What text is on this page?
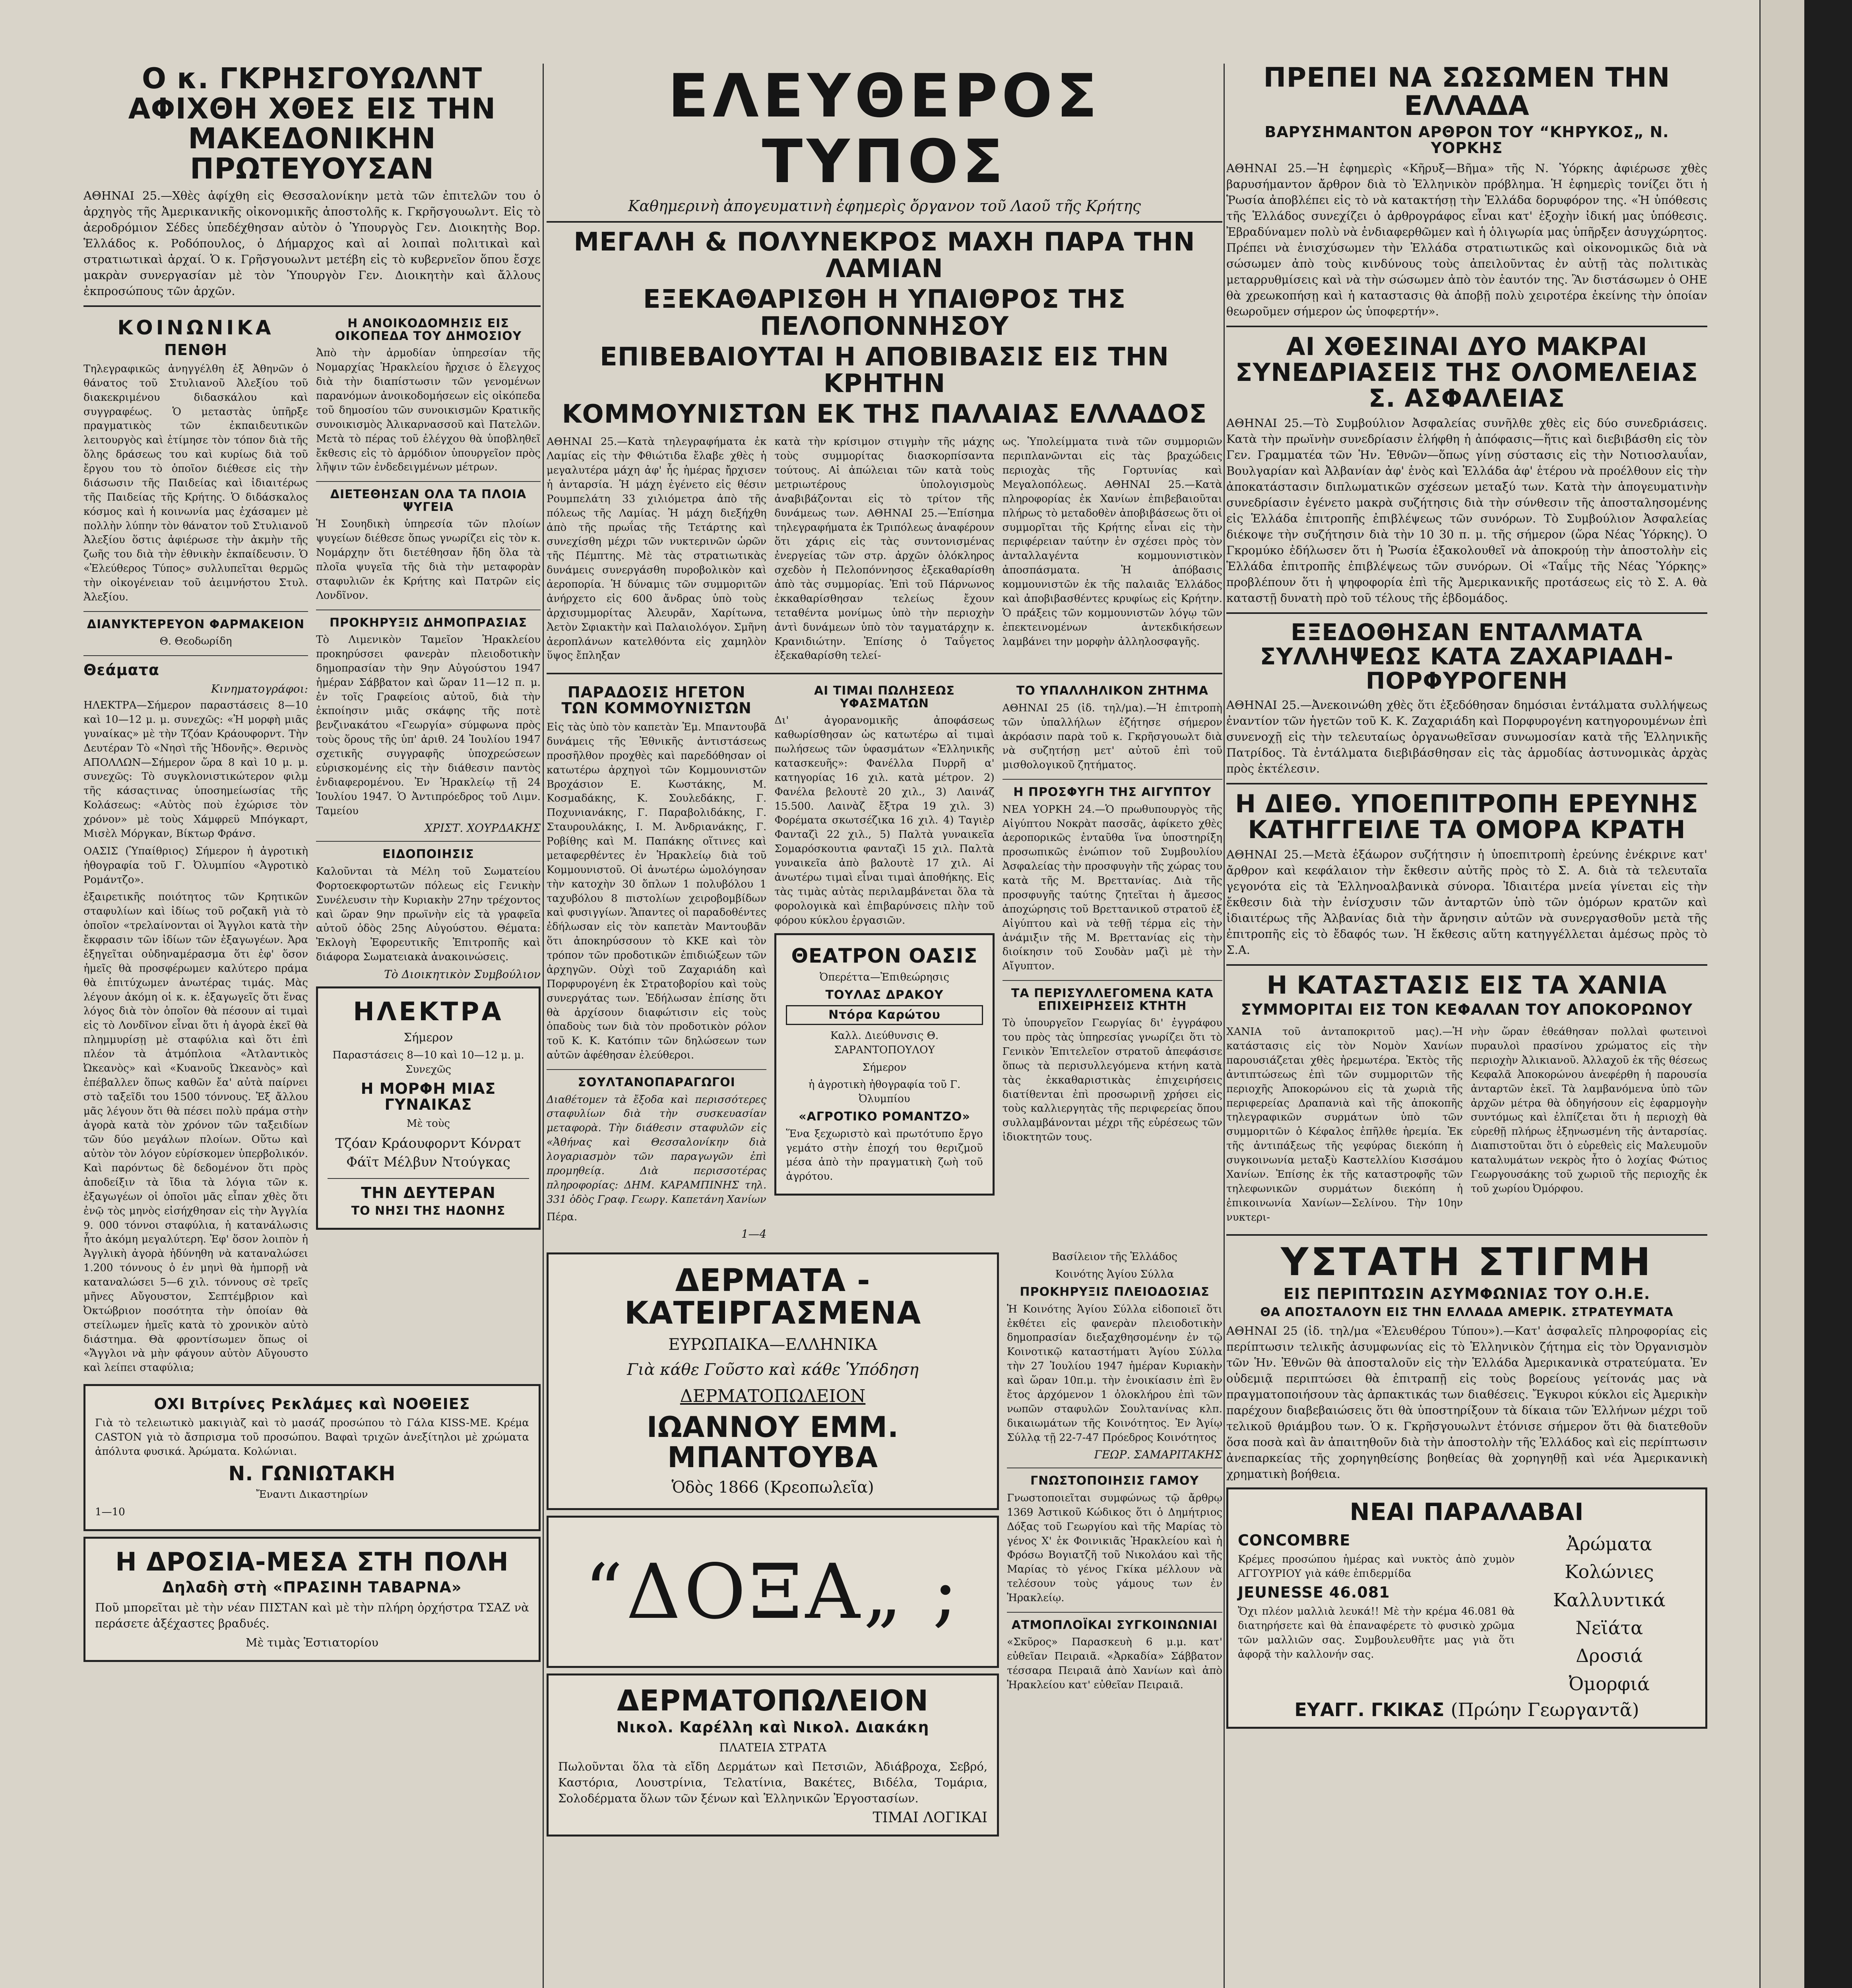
Ο κ. ΓΚΡΗΣΓΟΥΩΛΝΤ ΑΦΙΧΘΗ ΧΘΕΣ ΕΙΣ ΤΗΝ ΜΑΚΕΔΟΝΙΚΗΝ ΠΡΩΤΕΥΟΥΣΑΝ
ΑΘΗΝΑΙ 25.—Χθὲς ἀφίχθη εἰς Θεσσαλονίκην μετὰ τῶν ἐπιτελῶν του ὁ ἀρχηγὸς τῆς Ἀμερικανικῆς οἰκονομικῆς ἀποστολῆς κ. Γκρῆσγουωλντ. Εἰς τὸ ἀεροδρόμιον Σέδες ὑπεδέχθησαν αὐτὸν ὁ Ὑπουργὸς Γεν. Διοικητὴς Βορ. Ἑλλάδος κ. Ροδόπουλος, ὁ Δήμαρχος καὶ αἱ λοιπαὶ πολιτικαὶ καὶ στρατιωτικαὶ ἀρχαί. Ὁ κ. Γρῆσγουωλντ μετέβη εἰς τὸ κυβερνεῖον ὅπου ἔσχε μακρὰν συνεργασίαν μὲ τὸν Ὑπουργὸν Γεν. Διοικητὴν καὶ ἄλλους ἐκπροσώπους τῶν ἀρχῶν.
ΚΟΙΝΩΝΙΚΑ
ΠΕΝΘΗ
Τηλεγραφικῶς ἀνηγγέλθη ἐξ Ἀθηνῶν ὁ θάνατος τοῦ Στυλιανοῦ Ἀλεξίου τοῦ διακεκριμένου διδασκάλου καὶ συγγραφέως. Ὁ μεταστὰς ὑπῆρξε πραγματικὸς τῶν ἐκπαιδευτικῶν λειτουργὸς καὶ ἐτίμησε τὸν τόπον διὰ τῆς ὅλης δράσεως του καὶ κυρίως διὰ τοῦ ἔργου του τὸ ὁποῖον διέθεσε εἰς τὴν διάσωσιν τῆς Παιδείας καὶ ἰδιαιτέρως τῆς Παιδείας τῆς Κρήτης. Ὁ διδάσκαλος κόσμος καὶ ἡ κοινωνία μας ἐχάσαμεν μὲ πολλὴν λύπην τὸν θάνατον τοῦ Στυλιανοῦ Ἀλεξίου ὅστις ἀφιέρωσε τὴν ἀκμὴν τῆς ζωῆς του διὰ τὴν ἐθνικὴν ἐκπαίδευσιν. Ὁ «Ἐλεύθερος Τύπος» συλλυπεῖται θερμῶς τὴν οἰκογένειαν τοῦ ἀειμνήστου Στυλ. Ἀλεξίου.
ΔΙΑΝΥΚΤΕΡΕΥΟΝ ΦΑΡΜΑΚΕΙΟΝ
Θ. Θεοδωρίδη
Θεάματα
Κινηματογράφοι:
ΗΛΕΚΤΡΑ—Σήμερον παραστάσεις 8—10 καὶ 10—12 μ. μ. συνεχῶς: «Ἡ μορφὴ μιᾶς γυναίκας» μὲ τὴν Τζόαν Κράουφορντ. Τὴν Δευτέραν Τὸ «Νησὶ τῆς Ἠδονῆς». Θερινὸς ΑΠΟΛΛΩΝ—Σήμερον ὥρα 8 καὶ 10 μ. μ. συνεχῶς: Τὸ συγκλονιστικώτερον φιλμ τῆς κάσαςτινας ὑποσημείωσίας τῆς Κολάσεως: «Αὐτὸς ποὺ ἐχώρισε τὸν χρόνον» μὲ τοὺς Χάμφρεϋ Μπόγκαρτ, Μισὲλ Μόργκαν, Βίκτωρ Φράνσ.
ΟΑΣΙΣ (Ὑπαίθριος) Σήμερον ἡ ἀγροτικὴ ἠθογραφία τοῦ Γ. Ὀλυμπίου «Ἀγροτικὸ Ρομάντζο».
ἐξαιρετικῆς ποιότητος τῶν Κρητικῶν σταφυλίων καὶ ἰδίως τοῦ ρoζακῆ γιὰ τὸ ὁποῖον «τρελαίνονται οἱ Ἄγγλοι κατὰ τὴν ἔκφρασιν τῶν ἰδίων τῶν ἐξαγωγέων. Ἀρα ἐξηγεῖται οὐδηναμέρασμα ὅτι ἐφ' ὅσον ἠμεῖς θὰ προσφέρωμεν καλύτερο πράμα θὰ ἐπιτύχωμεν ἀνωτέρας τιμάς. Μὰς λέγουν ἀκόμη οἱ κ. κ. ἐξαγωγεῖς ὅτι ἕνας λόγος διὰ τὸν ὁποῖον θὰ πέσουν αἱ τιμαὶ εἰς τὸ Λονδῖνον εἶναι ὅτι ἡ ἀγορὰ ἐκεῖ θὰ πλημμυρίσῃ μὲ σταφύλια καὶ ὅτι ἐπὶ πλέον τὰ ἀτμόπλοια «Ἀτλαντικὸς Ὠκεανὸς» καὶ «Κυανοῦς Ὠκεανὸς» καὶ ἐπέβαλλεν ὅπως καθῶν ἔα' αὐτὰ παίρνει στὸ ταξεῖδι του 1500 τόννους. Ἐξ ἄλλου μᾶς λέγουν ὅτι θὰ πέσει πολὺ πράμα στὴν ἀγορὰ κατὰ τὸν χρόνον τῶν ταξειδίων τῶν δύο μεγάλων πλοίων. Οὕτω καὶ αὐτὸν τὸν λόγον εὑρίσκομεν ὑπερβολικόν. Καὶ παρόντως δὲ δεδομένον ὅτι πρὸς ἀποδείξιν τὰ ἴδια τὰ λόγια τῶν κ. ἐξαγωγέων οἱ ὁποῖοι μᾶς εἶπαν χθὲς ὅτι ἐνῷ τὸς μηνὸς εἰσήχθησαν εἰς τὴν Ἀγγλία 9. 000 τόννοι σταφύλια, ἡ κατανάλωσις ἦτο ἀκόμη μεγαλύτερη. Ἐφ' ὅσον λοιπὸν ἡ Ἀγγλικὴ ἀγορὰ ἠδύνηθη νὰ καταναλώσει 1.200 τόννους ὁ ἐν μηνὶ θὰ ἠμπορῇ νὰ καταναλώσει 5—6 χιλ. τόννους σὲ τρεῖς μῆνες Αὔγουστον, Σεπτέμβριον καὶ Ὀκτώβριον ποσότητα τὴν ὁποίαν θὰ στείλωμεν ἡμεῖς κατὰ τὸ χρονικὸν αὐτὸ διάστημα. Θὰ φροντίσωμεν ὅπως οἱ «Ἄγγλοι νὰ μὴν φάγουν αὐτὸν Αὔγουστο καὶ λείπει σταφύλια;
Η ΑΝΟΙΚΟΔΟΜΗΣΙΣ ΕΙΣ ΟΙΚΟΠΕΔΑ ΤΟΥ ΔΗΜΟΣΙΟΥ
Ἀπὸ τὴν ἁρμοδίαν ὑπηρεσίαν τῆς Νομαρχίας Ἡρακλείου ἤρχισε ὁ ἔλεγχος διὰ τὴν διαπίστωσιν τῶν γενομένων παρανόμων ἀνοικοδομήσεων εἰς οἰκόπεδα τοῦ δημοσίου τῶν συνοικισμῶν Κρατικῆς συνοικισμὸς Ἀλικαρνασσοῦ καὶ Πατελῶν. Μετὰ τὸ πέρας τοῦ ἐλέγχου θὰ ὑποβληθεῖ ἔκθεσις εἰς τὸ ἁρμόδιον ὑπουργεῖον πρὸς λῆψιν τῶν ἐνδεδειγμένων μέτρων.
ΔΙΕΤΕΘΗΣΑΝ ΟΛΑ ΤΑ ΠΛΟΙΑ ΨΥΓΕΙΑ
Ἡ Σουηδικὴ ὑπηρεσία τῶν πλοίων ψυγείων διέθεσε ὅπως γνωρίζει εἰς τὸν κ. Νομάρχην ὅτι διετέθησαν ἤδη ὅλα τὰ πλοῖα ψυγεῖα τῆς διὰ τὴν μεταφορὰν σταφυλιῶν ἐκ Κρήτης καὶ Πατρῶν εἰς Λονδῖνον.
ΠΡΟΚΗΡΥΞΙΣ ΔΗΜΟΠΡΑΣΙΑΣ
Τὸ Λιμενικὸν Ταμεῖον Ἡρακλείου προκηρύσσει φανερὰν πλειοδοτικὴν δημοπρασίαν τὴν 9ην Αὐγούστου 1947 ἡμέραν Σάββατον καὶ ὥραν 11—12 π. μ. ἐν τοῖς Γραφείοις αὐτοῦ, διὰ τὴν ἐκποίησιν μιᾶς σκάφης τῆς ποτὲ βενζινακάτου «Γεωργία» σύμφωνα πρὸς τοὺς ὅρους τῆς ὑπ' ἀριθ. 24 Ἰουλίου 1947 σχετικῆς συγγραφῆς ὑποχρεώσεων εὑρισκομένης εἰς τὴν διάθεσιν παντὸς ἐνδιαφερομένου. Ἐν Ἡρακλείῳ τῇ 24 Ἰουλίου 1947. Ὁ Ἀντιπρόεδρος τοῦ Λιμν. Ταμείου
ΧΡΙΣΤ. ΧΟΥΡΔΑΚΗΣ
ΕΙΔΟΠΟΙΗΣΙΣ
Καλοῦνται τὰ Μέλη τοῦ Σωματείου Φορτοεκφορτωτῶν πόλεως εἰς Γενικὴν Συνέλευσιν τὴν Κυριακὴν 27ην τρέχοντος καὶ ὥραν 9ην πρωϊνὴν εἰς τὰ γραφεῖα αὐτοῦ ὁδὸς 25ης Αὐγούστου. Θέματα: Ἐκλογὴ Ἐφορευτικῆς Ἐπιτροπῆς καὶ διάφορα Σωματειακὰ ἀνακοινώσεις.
Τὸ Διοικητικὸν Συμβούλιον
ΗΛΕΚΤΡΑ
Σήμερον
Παραστάσεις 8—10 καὶ 10—12 μ. μ. Συνεχῶς
Η ΜΟΡΦΗ ΜΙΑΣ ΓΥΝΑΙΚΑΣ
Μὲ τοὺς
Τζόαν Κράουφορντ Κόνρατ Φάϊτ Μέλβυν Ντούγκας
ΤΗΝ ΔΕΥΤΕΡΑΝ
ΤΟ ΝΗΣΙ ΤΗΣ ΗΔΟΝΗΣ
ΟΧΙ Βιτρίνες Ρεκλάμες καὶ ΝΟΘΕΙΕΣ
Γιὰ τὸ τελειωτικὸ μακιγιὰζ καὶ τὸ μασάζ προσώπου τὸ Γάλα KISS-ME. Κρέμα CASTON γιὰ τὸ ἄσπρισμα τοῦ προσώπου. Βαφαὶ τριχῶν ἀνεξίτηλοι μὲ χρώματα ἀπόλυτα φυσικά. Ἀρώματα. Κολώνιαι.
Ν. ΓΩΝΙΩΤΑΚΗ
Ἔναντι Δικαστηρίων
1—10
Η ΔΡΟΣΙΑ-ΜΕΣΑ ΣΤΗ ΠΟΛΗ
Δηλαδὴ στὴ «ΠΡΑΣΙΝΗ ΤΑΒΑΡΝΑ»
Ποῦ μπορεῖται μὲ τὴν νέαν ΠΙΣΤΑΝ καὶ μὲ τὴν πλήρη ὀρχήστρα ΤΣΑΖ νὰ περάσετε ἀξέχαστες βραδυές.
Μὲ τιμὰς Ἑστιατορίου
ΕΛΕΥΘΕΡΟΣ ΤΥΠΟΣ
Καθημερινὴ ἀπογευματινὴ ἐφημερὶς ὄργανον τοῦ Λαοῦ τῆς Κρήτης
ΜΕΓΑΛΗ & ΠΟΛΥΝΕΚΡΟΣ ΜΑΧΗ ΠΑΡΑ ΤΗΝ ΛΑΜΙΑΝ
ΕΞΕΚΑΘΑΡΙΣΘΗ Η ΥΠΑΙΘΡΟΣ ΤΗΣ ΠΕΛΟΠΟΝΝΗΣΟΥ
ΕΠΙΒΕΒΑΙΟΥΤΑΙ Η ΑΠΟΒΙΒΑΣΙΣ ΕΙΣ ΤΗΝ ΚΡΗΤΗΝ
ΚΟΜΜΟΥΝΙΣΤΩΝ ΕΚ ΤΗΣ ΠΑΛΑΙΑΣ ΕΛΛΑΔΟΣ
ΑΘΗΝΑΙ 25.—Κατὰ τηλεγραφήματα ἐκ Λαμίας εἰς τὴν Φθιώτιδα ἔλαβε χθὲς ἡ μεγαλυτέρα μάχη ἀφ' ἧς ἡμέρας ἤρχισεν ἡ ἀνταρσία. Ἡ μάχη ἐγένετο εἰς θέσιν Ρουμπελάτη 33 χιλιόμετρα ἀπὸ τῆς πόλεως τῆς Λαμίας. Ἡ μάχη διεξήχθη ἀπὸ τῆς πρωΐας τῆς Τετάρτης καὶ συνεχίσθη μέχρι τῶν νυκτερινῶν ὡρῶν τῆς Πέμπτης. Μὲ τὰς στρατιωτικὰς δυνάμεις συνεργάσθη πυροβολικὸν καὶ ἀεροπορία. Ἡ δύναμις τῶν συμμοριτῶν ἀνήρχετο εἰς 600 ἄνδρας ὑπὸ τοὺς ἀρχισυμμορίτας Ἀλευρᾶν, Χαρίτωνα, Ἀετὸν Σφιακτὴν καὶ Παλαιολόγον. Σμῆνη ἀεροπλάνων κατελθόντα εἰς χαμηλὸν ὕψος ἔπληξαν
κατὰ τὴν κρίσιμον στιγμὴν τῆς μάχης τοὺς συμμορίτας διασκορπίσαντα τούτους. Αἱ ἀπώλειαι τῶν κατὰ τοὺς μετριωτέρους ὑπολογισμοὺς ἀναβιβάζονται εἰς τὸ τρίτον τῆς δυνάμεως των. ΑΘΗΝΑΙ 25.—Ἐπίσημα τηλεγραφήματα ἐκ Τριπόλεως ἀναφέρουν ὅτι χάρις εἰς τὰς συντονισμένας ἐνεργείας τῶν στρ. ἀρχῶν ὁλόκληρος σχεδὸν ἡ Πελοπόννησος ἐξεκαθαρίσθη ἀπὸ τὰς συμμορίας. Ἐπὶ τοῦ Πάρνωνος ἐκκαθαρίσθησαν τελείως ἔχουν τεταθέντα μονίμως ὑπὸ τὴν περιοχὴν ἀντὶ δυνάμεων ὑπὸ τὸν ταγματάρχην κ. Κρανιδιώτην. Ἐπίσης ὁ Ταΰγετος ἐξεκαθαρίσθη τελεί-
ως. Ὑπολείμματα τινὰ τῶν συμμοριῶν περιπλανῶνται εἰς τὰς βραχώδεις περιοχὰς τῆς Γορτυνίας καὶ Μεγαλοπόλεως. ΑΘΗΝΑΙ 25.—Κατὰ πληροφορίας ἐκ Χανίων ἐπιβεβαιοῦται πλήρως τὸ μεταδοθὲν ἀποβιβάσεως ὅτι οἱ συμμορῖται τῆς Κρήτης εἶναι εἰς τὴν περιφέρειαν ταύτην ἐν σχέσει πρὸς τὸν ἀνταλλαγέντα κομμουνιστικὸν ἀποσπάσματα. Ἡ ἀπόβασις κομμουνιστῶν ἐκ τῆς παλαιᾶς Ἑλλάδος καὶ ἀποβιβασθέντες κρυφίως εἰς Κρήτην. Ὁ πράξεις τῶν κομμουνιστῶν λόγῳ τῶν ἐπεκτεινομένων ἀντεκδικήσεων λαμβάνει την μορφὴν ἀλληλοσφαγῆς.
ΠΑΡΑΔΟΣΙΣ ΗΓΕΤΟΝ ΤΩΝ ΚΟΜΜΟΥΝΙΣΤΩΝ
Εἰς τὰς ὑπὸ τὸν καπετὰν Ἐμ. Μπαντουβᾶ δυνάμεις τῆς Ἐθνικῆς ἀντιστάσεως προσῆλθον προχθὲς καὶ παρεδόθησαν οἱ κατωτέρω ἀρχηγοὶ τῶν Κομμουνιστῶν Βροχάσιον Ε. Κωστάκης, Μ. Κοσμαδάκης, Κ. Σουλεδάκης, Γ. Ποχυνιανάκης, Γ. Παραβολιδάκης, Γ. Σταυρουλάκης, Ι. Μ. Ἀνδριανάκης, Γ. Ροβίθης καὶ Μ. Παπάκης οἵτινες καὶ μεταφερθέντες ἐν Ἡρακλείῳ διὰ τοῦ Κομμουνιστοῦ. Οἱ ἀνωτέρω ὡμολόγησαν τὴν κατοχὴν 30 ὅπλων 1 πολυβόλου 1 ταχυβόλου 8 πιστολίων χειροβομβίδων καὶ φυσιγγίων. Ἅπαντες οἱ παραδοθέντες ἐδήλωσαν εἰς τὸν καπετὰν Μαντουβᾶν ὅτι ἀποκηρύσσουν τὸ ΚΚΕ καὶ τὸν τρόπον τῶν προδοτικῶν ἐπιδιώξεων τῶν ἀρχηγῶν. Οὐχὶ τοῦ Ζαχαριάδη καὶ Πορφυρογένη ἐκ Στρατοβορίου καὶ τοὺς συνεργάτας των. Ἐδήλωσαν ἐπίσης ὅτι θὰ ἀρχίσουν διαφώτισιν εἰς τοὺς ὁπαδοὺς των διὰ τὸν προδοτικὸν ρόλον τοῦ Κ. Κ. Κατόπιν τῶν δηλώσεων των αὐτῶν ἀφέθησαν ἐλεύθεροι.
ΣΟΥΛΤΑΝΟΠΑΡΑΓΩΓΟΙ
Διαθέτομεν τὰ ἔξοδα καὶ περισσότερες σταφυλίων διὰ τὴν συσκευασίαν μεταφορὰ. Τὴν διάθεσιν σταφυλῶν εἰς «Ἀθήνας καὶ Θεσσαλονίκην διὰ λογαριασμὸν τῶν παραγωγῶν ἐπὶ προμηθείᾳ. Διὰ περισσοτέρας πληροφορίας: ΔΗΜ. ΚΑΡΑΜΠΙΝΗΣ τηλ. 331 ὁδὸς Γραφ. Γεωργ. Καπετάνη Χανίων
Πέρα.
1—4
ΑΙ ΤΙΜΑΙ ΠΩΛΗΣΕΩΣ ΥΦΑΣΜΑΤΩΝ
Δι' ἀγορανομικῆς ἀποφάσεως καθωρίσθησαν ὡς κατωτέρω αἱ τιμαὶ πωλήσεως τῶν ὑφασμάτων «Ἑλληνικῆς κατασκευῆς»: Φανέλλα Πυρρῆ α' κατηγορίας 16 χιλ. κατὰ μέτρον. 2) Φανέλα βελουτὲ 20 χιλ., 3) Λαινάζ 15.500. Λαινὰζ ἔξτρα 19 χιλ. 3) Φορέματα σκωτσέζικα 16 χιλ. 4) Ταγιὲρ Φανταζὶ 22 χιλ., 5) Παλτὰ γυναικεῖα Σομαρόσκουτια φανταζὶ 15 χιλ. Παλτὰ γυναικεῖα ἀπὸ βαλουτὲ 17 χιλ. Αἱ ἀνωτέρω τιμαὶ εἶναι τιμαὶ ἀποθήκης. Εἰς τὰς τιμὰς αὐτὰς περιλαμβάνεται ὅλα τὰ φορολογικὰ καὶ ἐπιβαρύνσεις πλὴν τοῦ φόρου κύκλου ἐργασιῶν.
ΘΕΑΤΡΟΝ ΟΑΣΙΣ
Ὀπερέττα—Ἐπιθεώρησις
ΤΟΥΛΑΣ ΔΡΑΚΟΥ
Ντόρα Καρώτου
Καλλ. Διεύθυνσις Θ. ΣΑΡΑΝΤΟΠΟΥΛΟΥ
Σήμερον
ἡ ἀγροτικὴ ἠθογραφία τοῦ Γ. Ὀλυμπίου
«ΑΓΡΟΤΙΚΟ ΡΟΜΑΝΤΖΟ»
Ἕνα ξεχωριστὸ καὶ πρωτότυπο ἔργο γεμάτο στὴν ἐποχή του θεριζμοῦ μέσα ἀπὸ τὴν πραγματικὴ ζωὴ τοῦ ἀγρότου.
ΤΟ ΥΠΑΛΛΗΛΙΚΟΝ ΖΗΤΗΜΑ
ΑΘΗΝΑΙ 25 (ἰδ. τηλ/μα).—Ἡ ἐπιτροπὴ τῶν ὑπαλλήλων ἐζήτησε σήμερον ἀκρόασιν παρὰ τοῦ κ. Γκρῆσγουωλτ διὰ νὰ συζητήσῃ μετ' αὐτοῦ ἐπὶ τοῦ μισθολογικοῦ ζητήματος.
Η ΠΡΟΣΦΥΓΗ ΤΗΣ ΑΙΓΥΠΤΟΥ
ΝΕΑ ΥΟΡΚΗ 24.—Ὁ πρωθυπουργὸς τῆς Αἰγύπτου Νοκρὰτ πασσᾶς, ἀφίκετο χθὲς ἀεροπορικῶς ἐνταῦθα ἵνα ὑποστηρίξη προσωπικῶς ἐνώπιον τοῦ Συμβουλίου Ἀσφαλείας τὴν προσφυγὴν τῆς χώρας του κατὰ τῆς Μ. Βρεττανίας. Διὰ τῆς προσφυγῆς ταύτης ζητεῖται ἡ ἄμεσος ἀποχώρησις τοῦ Βρεττανικοῦ στρατοῦ ἐξ Αἰγύπτου καὶ νὰ τεθῇ τέρμα εἰς τὴν ἀνάμιξιν τῆς Μ. Βρεττανίας εἰς τὴν διοίκησιν τοῦ Σουδὰν μαζὶ μὲ τὴν Αἴγυπτον.
ΤΑ ΠΕΡΙΣΥΛΛΕΓΟΜΕΝΑ ΚΑΤΑ ΕΠΙΧΕΙΡΗΣΕΙΣ ΚΤΗΤΗ
Τὸ ὑπουργεῖον Γεωργίας δι' ἐγγράφου του πρὸς τὰς ὑπηρεσίας γνωρίζει ὅτι τὸ Γενικὸν Ἐπιτελεῖον στρατοῦ ἀπεφάσισε ὅπως τὰ περισυλλεγόμενα κτήνη κατὰ τὰς ἐκκαθαριστικὰς ἐπιχειρήσεις διατίθενται ἐπὶ προσωρινῇ χρήσει εἰς τοὺς καλλιεργητὰς τῆς περιφερείας ὅπου συλλαμβάνονται μέχρι τῆς εὑρέσεως τῶν ἰδιοκτητῶν τους.
ΔΕΡΜΑΤΑ - ΚΑΤΕΙΡΓΑΣΜΕΝΑ
ΕΥΡΩΠΑΙΚΑ—ΕΛΛΗΝΙΚΑ
Γιὰ κάθε Γοῦστο καὶ κάθε Ὑπόδηση
ΔΕΡΜΑΤΟΠΩΛΕΙΟΝ
ΙΩΑΝΝΟΥ ΕΜΜ. ΜΠΑΝΤΟΥΒΑ
Ὁδὸς 1866 (Κρεοπωλεῖα)
“ΔΟΞΑ„ ;
ΔΕΡΜΑΤΟΠΩΛΕΙΟΝ
Νικολ. Καρέλλη καὶ Νικολ. Διακάκη
ΠΛΑΤΕΙΑ ΣΤΡΑΤΑ
Πωλοῦνται ὅλα τὰ εἴδη Δερμάτων καὶ Πετσιῶν, Ἀδιάβροχα, Σεβρό, Καστόρια, Λουστρίνια, Τελατίνια, Βακέτες, Βιδέλα, Τομάρια, Σολοδέρματα ὅλων τῶν ξένων καὶ Ἑλληνικῶν Ἐργοστασίων.
ΤΙΜΑΙ ΛΟΓΙΚΑΙ
Βασίλειον τῆς Ἑλλάδος
Κοινότης Ἁγίου Σύλλα
ΠΡΟΚΗΡΥΞΙΣ ΠΛΕΙΟΔΟΣΙΑΣ
Ἡ Κοινότης Ἁγίου Σύλλα εἰδοποιεῖ ὅτι ἐκθέτει εἰς φανερὰν πλειοδοτικὴν δημοπρασίαν διεξαχθησομένην ἐν τῷ Κοινοτικῷ καταστήματι Ἁγίου Σύλλα τὴν 27 Ἰουλίου 1947 ἡμέραν Κυριακὴν καὶ ὥραν 10π.μ. τὴν ἐνοικίασιν ἐπὶ ἓν ἔτος ἀρχόμενον 1 ὀλοκλήρου ἐπὶ τῶν νωπῶν σταφυλῶν Σουλτανίνας κλπ. δικαιωμάτων τῆς Κοινότητος. Ἐν Ἁγίῳ Σύλλᾳ τῇ 22-7-47 Πρόεδρος Κοινότητος
ΓΕΩΡ. ΣΑΜΑΡΙΤΑΚΗΣ
ΓΝΩΣΤΟΠΟΙΗΣΙΣ ΓΑΜΟΥ
Γνωστοποιεῖται συμφώνως τῷ ἄρθρῳ 1369 Ἀστικοῦ Κώδικος ὅτι ὁ Δημήτριος Δόξας τοῦ Γεωργίου καὶ τῆς Μαρίας τὸ γένος Χ' ἐκ Φοινικιᾶς Ἡρακλείου καὶ ἡ Φρόσω Βογιατζῆ τοῦ Νικολάου καὶ τῆς Μαρίας τὸ γένος Γκίκα μέλλουν νὰ τελέσουν τοὺς γάμους των ἐν Ἡρακλείῳ.
ΑΤΜΟΠΛΟΪΚΑΙ ΣΥΓΚΟΙΝΩΝΙΑΙ
«Σκῦρος» Παρασκευὴ 6 μ.μ. κατ' εὐθεῖαν Πειραιᾶ. «Ἀρκαδία» Σάββατον τέσσαρα Πειραιᾶ ἀπὸ Χανίων καὶ ἀπὸ Ἡρακλείου κατ' εὐθεῖαν Πειραιᾶ.
ΠΡΕΠΕΙ ΝΑ ΣΩΣΩΜΕΝ ΤΗΝ ΕΛΛΑΔΑ
ΒΑΡΥΣΗΜΑΝΤΟΝ ΑΡΘΡΟΝ ΤΟΥ “ΚΗΡΥΚΟΣ„ Ν. ΥΟΡΚΗΣ
ΑΘΗΝΑΙ 25.—Ἡ ἐφημερὶς «Κῆρυξ—Βῆμα» τῆς Ν. Ὑόρκης ἀφιέρωσε χθὲς βαρυσήμαντον ἄρθρον διὰ τὸ Ἑλληνικὸν πρόβλημα. Ἡ ἐφημερὶς τονίζει ὅτι ἡ Ῥωσία ἀποβλέπει εἰς τὸ νὰ κατακτήσῃ τὴν Ἑλλάδα δορυφόρον της. «Ἡ ὑπόθεσις τῆς Ἑλλάδος συνεχίζει ὁ ἀρθρογράφος εἶναι κατ' ἐξοχὴν ἰδική μας ὑπόθεσις. Ἐβραδύναμεν πολὺ νὰ ἐνδιαφερθῶμεν καὶ ἡ ὁλιγωρία μας ὑπῆρξεν ἀσυγχώρητος. Πρέπει νὰ ἐνισχύσωμεν τὴν Ἑλλάδα στρατιωτικῶς καὶ οἰκονομικῶς διὰ νὰ σώσωμεν ἀπὸ τοὺς κινδύνους τοὺς ἀπειλοῦντας ἐν αὐτῇ τὰς πολιτικὰς μεταρρυθμίσεις καὶ νὰ τὴν σώσωμεν ἀπὸ τὸν ἑαυτόν της. Ἂν διστάσωμεν ὁ ΟΗΕ θὰ χρεωκοπήσῃ καὶ ἡ καταστασις θὰ ἀποβῇ πολὺ χειροτέρα ἐκείνης τὴν ὁποίαν θεωροῦμεν σήμερον ὡς ὑποφερτήν».
ΑΙ ΧΘΕΣΙΝΑΙ ΔΥΟ ΜΑΚΡΑΙ ΣΥΝΕΔΡΙΑΣΕΙΣ ΤΗΣ ΟΛΟΜΕΛΕΙΑΣ Σ. ΑΣΦΑΛΕΙΑΣ
ΑΘΗΝΑΙ 25.—Τὸ Συμβούλιον Ἀσφαλείας συνῆλθε χθὲς εἰς δύο συνεδριάσεις. Κατὰ τὴν πρωϊνὴν συνεδρίασιν ἐλήφθη ἡ ἀπόφασις—ἥτις καὶ διεβιβάσθη εἰς τὸν Γεν. Γραμματέα τῶν Ἡν. Ἐθνῶν—ὅπως γίνῃ σύστασις εἰς τὴν Νοτιοσλαυΐαν, Βουλγαρίαν καὶ Ἀλβανίαν ἀφ' ἑνὸς καὶ Ἑλλάδα ἀφ' ἑτέρου νὰ προέλθουν εἰς τὴν ἀποκατάστασιν διπλωματικῶν σχέσεων μεταξύ των. Κατὰ τὴν ἀπογευματινὴν συνεδρίασιν ἐγένετο μακρὰ συζήτησις διὰ τὴν σύνθεσιν τῆς ἀποσταλησομένης εἰς Ἑλλάδα ἐπιτροπῆς ἐπιβλέψεως τῶν συνόρων. Τὸ Συμβούλιον Ἀσφαλείας διέκοψε τὴν συζήτησιν διὰ τὴν 10 30 π. μ. τῆς σήμερον (ὥρα Νέας Ὑόρκης). Ὁ Γκρομύκο ἐδήλωσεν ὅτι ἡ Ῥωσία ἐξακολουθεῖ νὰ ἀποκρούῃ τὴν ἀποστολὴν εἰς Ἑλλάδα ἐπιτροπῆς ἐπιβλέψεως τῶν συνόρων. Οἱ «Ταΐμς τῆς Νέας Ὑόρκης» προβλέπουν ὅτι ἡ ψηφοφορία ἐπὶ τῆς Ἀμερικανικῆς προτάσεως εἰς τὸ Σ. Α. θὰ καταστῇ δυνατὴ πρὸ τοῦ τέλους τῆς ἑβδομάδος.
ΕΞΕΔΟΘΗΣΑΝ ΕΝΤΑΛΜΑΤΑ ΣΥΛΛΗΨΕΩΣ ΚΑΤΑ ΖΑΧΑΡΙΑΔΗ-ΠΟΡΦΥΡΟΓΕΝΗ
ΑΘΗΝΑΙ 25.—Ἀνεκοινώθη χθὲς ὅτι ἐξεδόθησαν δημόσιαι ἐντάλματα συλλήψεως ἐναντίον τῶν ἡγετῶν τοῦ Κ. Κ. Ζαχαριάδη καὶ Πορφυρογένη κατηγορουμένων ἐπὶ συνενοχῇ εἰς τὴν τελευταίως ὀργανωθεῖσαν συνωμοσίαν κατὰ τῆς Ἑλληνικῆς Πατρίδος. Τὰ ἐντάλματα διεβιβάσθησαν εἰς τὰς ἁρμοδίας ἀστυνομικὰς ἀρχὰς πρὸς ἐκτέλεσιν.
Η ΔΙΕΘ. ΥΠΟΕΠΙΤΡΟΠΗ ΕΡΕΥΝΗΣ ΚΑΤΗΓΓΕΙΛΕ ΤΑ ΟΜΟΡΑ ΚΡΑΤΗ
ΑΘΗΝΑΙ 25.—Μετὰ ἐξάωρον συζήτησιν ἡ ὑποεπιτροπὴ ἐρεύνης ἐνέκρινε κατ' ἄρθρον καὶ κεφάλαιον τὴν ἔκθεσιν αὐτῆς πρὸς τὸ Σ. Α. διὰ τὰ τελευταῖα γεγονότα εἰς τὰ Ἑλληνοαλβανικὰ σύνορα. Ἰδιαιτέρα μνεία γίνεται εἰς τὴν ἔκθεσιν διὰ τὴν ἐνίσχυσιν τῶν ἀνταρτῶν ὑπὸ τῶν ὁμόρων κρατῶν καὶ ἰδιαιτέρως τῆς Ἀλβανίας διὰ τὴν ἄρνησιν αὐτῶν νὰ συνεργασθοῦν μετὰ τῆς ἐπιτροπῆς εἰς τὸ ἔδαφός των. Ἡ ἔκθεσις αὕτη κατηγγέλλεται ἀμέσως πρὸς τὸ Σ.Α.
Η ΚΑΤΑΣΤΑΣΙΣ ΕΙΣ ΤΑ ΧΑΝΙΑ
ΣΥΜΜΟΡΙΤΑΙ ΕΙΣ ΤΟΝ ΚΕΦΑΛΑΝ ΤΟΥ ΑΠΟΚΟΡΩΝΟΥ
ΧΑΝΙΑ τοῦ ἀνταποκριτοῦ μας).—Ἡ κατάστασις εἰς τὸν Νομὸν Χανίων παρουσιάζεται χθὲς ἠρεμωτέρα. Ἐκτὸς τῆς ἀντιπτώσεως ἐπὶ τῶν συμμοριτῶν τῆς περιοχῆς Ἀποκορώνου εἰς τὰ χωριὰ τῆς περιφερείας Δραπανιὰ καὶ τῆς ἀποκοπῆς τηλεγραφικῶν συρμάτων ὑπὸ τῶν συμμοριτῶν ὁ Κέφαλος ἐπῆλθε ἠρεμία. Ἐκ τῆς ἀντιπάξεως τῆς γεφύρας διεκόπη ἡ συγκοινωνία μεταξὺ Καστελλίου Κισσάμου Χανίων. Ἐπίσης ἐκ τῆς καταστροφῆς τῶν τηλεφωνικῶν συρμάτων διεκόπη ἡ ἐπικοινωνία Χανίων—Σελίνου. Τὴν 10ην νυκτερι-
νὴν ὥραν ἐθεάθησαν πολλαὶ φωτεινοὶ πυραυλοὶ πρασίνου χρώματος εἰς τὴν περιοχὴν Ἀλικιανοῦ. Ἀλλαχοῦ ἐκ τῆς θέσεως Κεφαλᾶ Ἀποκορώνου ἀνεφέρθη ἡ παρουσία ἀνταρτῶν ἐκεῖ. Τὰ λαμβανόμενα ὑπὸ τῶν ἀρχῶν μέτρα θὰ ὁδηγήσουν εἰς ἐφαρμογὴν συντόμως καὶ ἐλπίζεται ὅτι ἡ περιοχὴ θὰ εὑρεθῇ πλήρως ἐξηνωσμένη τῆς ἀνταρσίας. Διαπιστοῦται ὅτι ὁ εὑρεθεὶς εἰς Μαλευμοῦν καταλυμάτων νεκρὸς ἦτο ὁ λοχίας Φώτιος Γεωργουσάκης τοῦ χωριοῦ τῆς περιοχῆς ἐκ τοῦ χωρίου Ὀμόρφου.
ΥΣΤΑΤΗ ΣΤΙΓΜΗ
ΕΙΣ ΠΕΡΙΠΤΩΣΙΝ ΑΣΥΜΦΩΝΙΑΣ ΤΟΥ Ο.Η.Ε.
ΘΑ ΑΠΟΣΤΑΛΟΥΝ ΕΙΣ ΤΗΝ ΕΛΛΑΔΑ ΑΜΕΡΙΚ. ΣΤΡΑΤΕΥΜΑΤΑ
ΑΘΗΝΑΙ 25 (ἰδ. τηλ/μα «Ἐλευθέρου Τύπου»).—Κατ' ἀσφαλεῖς πληροφορίας εἰς περίπτωσιν τελικῆς ἀσυμφωνίας εἰς τὸ Ἑλληνικὸν ζήτημα εἰς τὸν Ὀργανισμὸν τῶν Ἡν. Ἐθνῶν θὰ ἀποσταλοῦν εἰς τὴν Ἑλλάδα Ἀμερικανικὰ στρατεύματα. Ἐν οὐδεμιᾷ περιπτώσει θὰ ἐπιτραπῇ εἰς τοὺς βορείους γείτονάς μας νὰ πραγματοποιήσουν τὰς ἀρπακτικάς των διαθέσεις. Ἔγκυροι κύκλοι εἰς Ἀμερικὴν παρέχουν διαβεβαιώσεις ὅτι θὰ ὑποστηρίξουν τὰ δίκαια τῶν Ἑλλήνων μέχρι τοῦ τελικοῦ θριάμβου των. Ὁ κ. Γκρῆσγουωλντ ἐτόνισε σήμερον ὅτι θὰ διατεθοῦν ὅσα ποσὰ καὶ ἂν ἀπαιτηθοῦν διὰ τὴν ἀποστολὴν τῆς Ἑλλάδος καὶ εἰς περίπτωσιν ἀνεπαρκείας τῆς χορηγηθείσης βοηθείας θὰ χορηγηθῇ καὶ νέα Ἀμερικανικὴ χρηματικὴ βοήθεια.
ΝΕΑΙ ΠΑΡΑΛΑΒΑΙ
CONCOMBRE
Κρέμες προσώπου ἡμέρας καὶ νυκτὸς ἀπὸ χυμὸν ΑΓΓΟΥΡΙΟΥ γιὰ κάθε ἐπιδερμίδα
JEUNESSE 46.081
Ὄχι πλέον μαλλιὰ λευκά!! Μὲ τὴν κρέμα 46.081 θὰ διατηρήσετε καὶ θὰ ἐπαναφέρετε τὸ φυσικὸ χρῶμα τῶν μαλλιῶν σας. Συμβουλευθῆτε μας γιὰ ὅτι ἀφορᾷ τὴν καλλονήν σας.
Ἀρώματα
Κολώνιες
Καλλυντικά
Νεϊάτα
Δροσιά
Ὀμορφιά
ΕΥΑΓΓ. ΓΚΙΚΑΣ (Πρώην Γεωργαντᾶ)
